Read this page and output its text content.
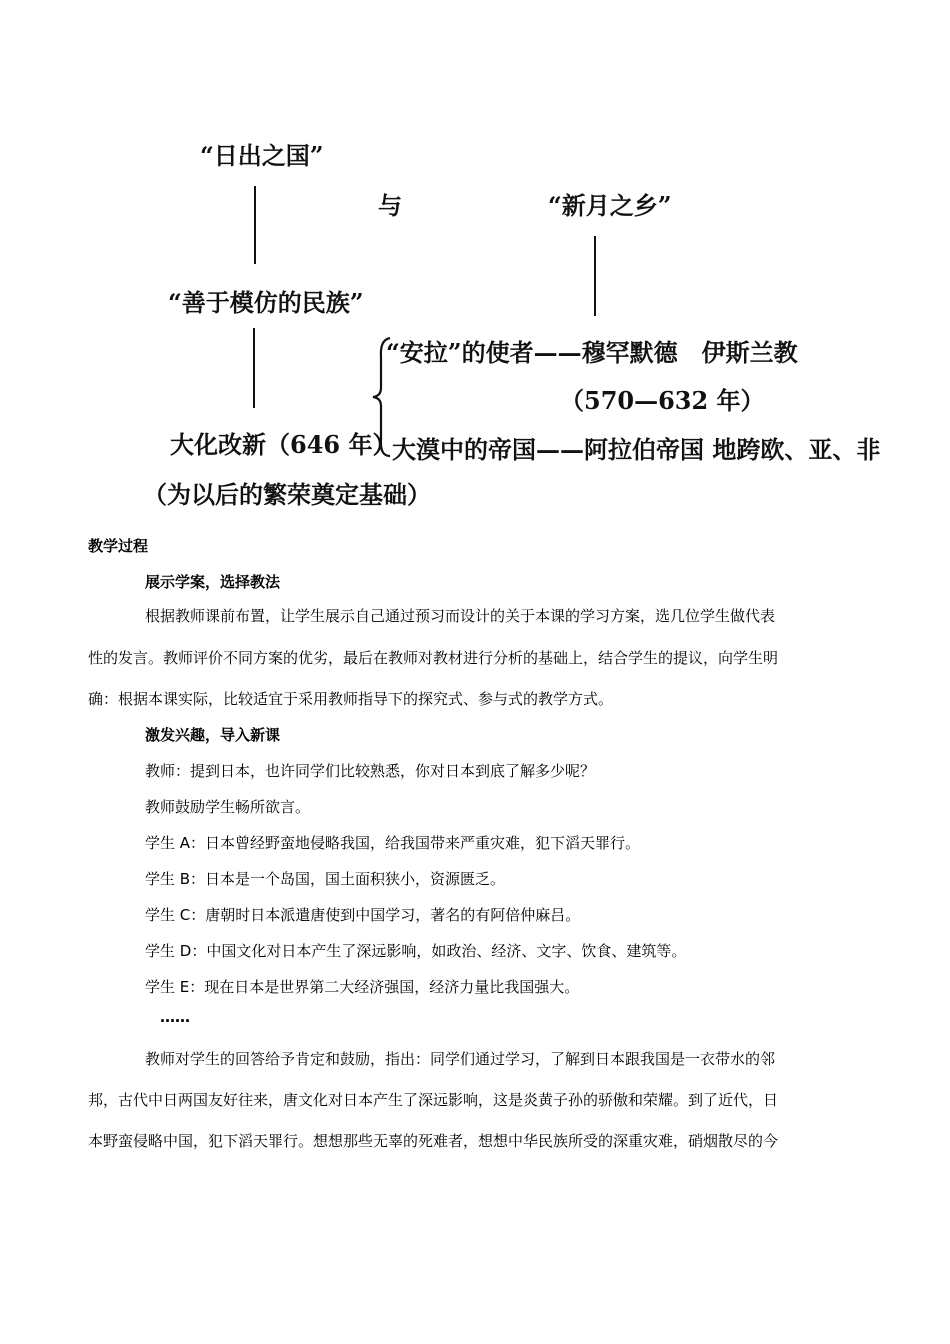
“日出之国”
与	“新月之乡”
“善于模仿的民族”
“安拉”的使者——穆罕默德　伊斯兰教
（570—632 年）
大化改新（646 年）
大漠中的帝国——阿拉伯帝国 地跨欧、亚、非
（为以后的繁荣奠定基础）
教学过程
展示学案，选择教法
根据教师课前布置，让学生展示自己通过预习而设计的关于本课的学习方案，选几位学生做代表
性的发言。教师评价不同方案的优劣，最后在教师对教材进行分析的基础上，结合学生的提议，向学生明
确：根据本课实际，比较适宜于采用教师指导下的探究式、参与式的教学方式。
激发兴趣，导入新课
教师：提到日本，也许同学们比较熟悉，你对日本到底了解多少呢？
教师鼓励学生畅所欲言。
学生 A：日本曾经野蛮地侵略我国，给我国带来严重灾难，犯下滔天罪行。
学生 B：日本是一个岛国，国土面积狭小，资源匮乏。
学生 C：唐朝时日本派遣唐使到中国学习，著名的有阿倍仲麻吕。
学生 D：中国文化对日本产生了深远影响，如政治、经济、文字、饮食、建筑等。
学生 E：现在日本是世界第二大经济强国，经济力量比我国强大。
……
教师对学生的回答给予肯定和鼓励，指出：同学们通过学习，了解到日本跟我国是一衣带水的邻
邦，古代中日两国友好往来，唐文化对日本产生了深远影响，这是炎黄子孙的骄傲和荣耀。到了近代，日
本野蛮侵略中国，犯下滔天罪行。想想那些无辜的死难者，想想中华民族所受的深重灾难，硝烟散尽的今
